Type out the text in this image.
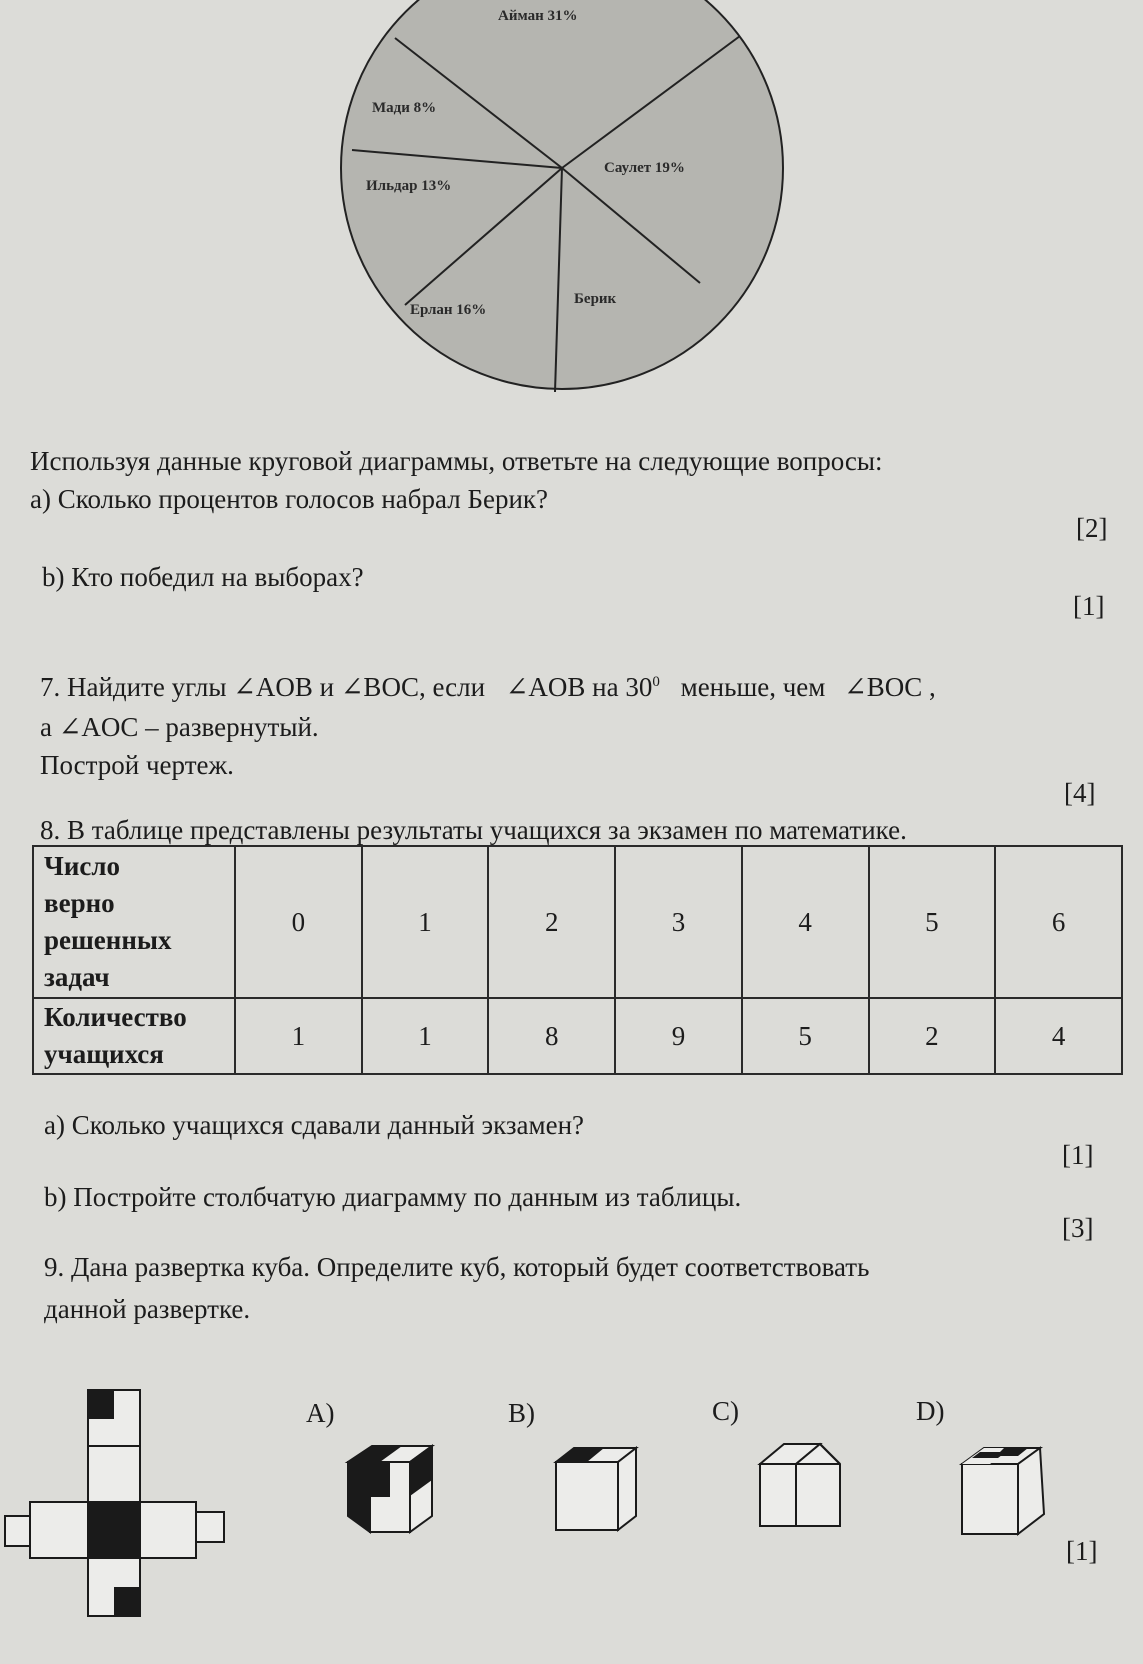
Айман 31%
Саулет 19%
Берик
Ерлан 16%
Ильдар 13%
Мади 8%
Используя данные круговой диаграммы, ответьте на следующие вопросы:
а) Сколько процентов голосов набрал Берик?
[2]
b) Кто победил на выборах?
[1]
7. Найдите углы ∠AOB и ∠BOC, если ∠AOB на $30^0$ меньше, чем ∠BOC ,
а ∠AOC – развернутый.
Построй чертеж.
[4]
8. В таблице представлены результаты учащихся за экзамен по математике.
Число
верно
решенных
задач	0	1	2	3	4	5	6
Количество
учащихся	1	1	8	9	5	2	4
а) Сколько учащихся сдавали данный экзамен?
[1]
b) Постройте столбчатую диаграмму по данным из таблицы.
[3]
9. Дана развертка куба. Определите куб, который будет соответствовать
данной развертке.
A)	B)	C)	D)
[1]
